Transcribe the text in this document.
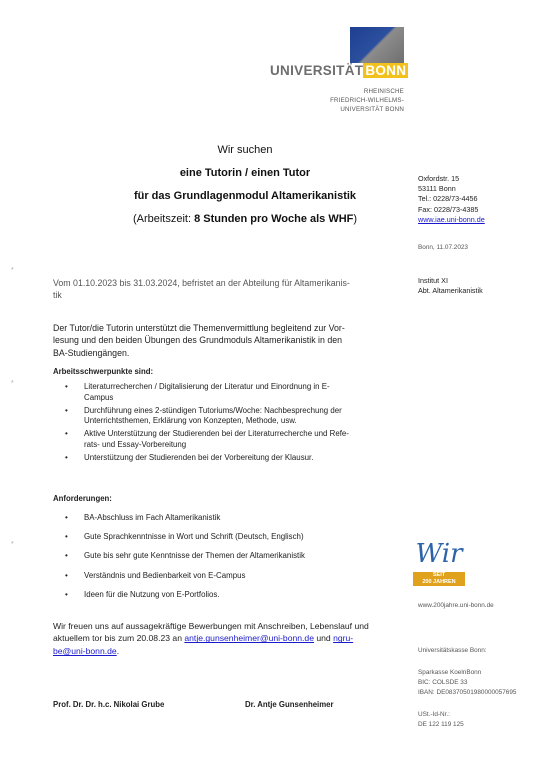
UNIVERSITÄT BONN
RHEINISCHE
FRIEDRICH-WILHELMS-
UNIVERSITÄT BONN
Wir suchen
eine Tutorin / einen Tutor
für das Grundlagenmodul Altamerikanistik
(Arbeitszeit: 8 Stunden pro Woche als WHF)
Oxfordstr. 15
53111 Bonn
Tel.: 0228/73-4456
Fax: 0228/73-4385
www.iae.uni-bonn.de
Bonn, 11.07.2023
Institut XI
Abt. Altamerikanistik
*
*
*
Vom 01.10.2023 bis 31.03.2024, befristet an der Abteilung für Altamerikanis-
tik
Der Tutor/die Tutorin unterstützt die Themenvermittlung begleitend zur Vor-
lesung und den beiden Übungen des Grundmoduls Altamerikanistik in den
BA-Studiengängen.
Arbeitsschwerpunkte sind:
• Literaturrecherchen / Digitalisierung der Literatur und Einordnung in E-
Campus
• Durchführung eines 2-stündigen Tutoriums/Woche: Nachbesprechung der
Unterrichtsthemen, Erklärung von Konzepten, Methode, usw.
• Aktive Unterstützung der Studierenden bei der Literaturrecherche und Refe-
rats- und Essay-Vorbereitung
• Unterstützung der Studierenden bei der Vorbereitung der Klausur.
Anforderungen:
• BA-Abschluss im Fach Altamerikanistik
• Gute Sprachkenntnisse in Wort und Schrift (Deutsch, Englisch)
• Gute bis sehr gute Kenntnisse der Themen der Altamerikanistik
• Verständnis und Bedienbarkeit von E-Campus
• Ideen für die Nutzung von E-Portfolios.
Wir freuen uns auf aussagekräftige Bewerbungen mit Anschreiben, Lebenslauf und
aktuellem tor bis zum 20.08.23 an antje.gunsenheimer@uni-bonn.de und ngru-
be@uni-bonn.de.
Prof. Dr. Dr. h.c. Nikolai Grube	Dr. Antje Gunsenheimer
Wir
SEIT
200 JAHREN
www.200jahre.uni-bonn.de
Universitätskasse Bonn:
Sparkasse KoelnBonn
BIC: COLSDE 33
IBAN: DE08370501980000057695
USt.-Id-Nr.:
DE 122 119 125
